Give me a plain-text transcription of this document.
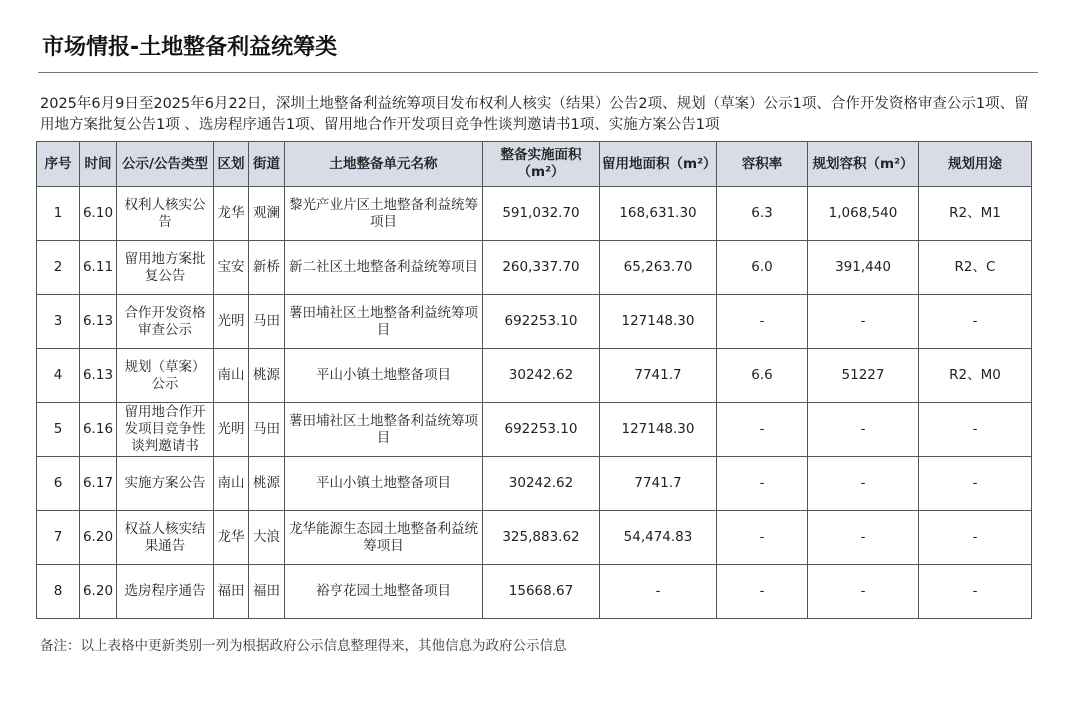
市场情报-土地整备利益统筹类
2025年6月9日至2025年6月22日，深圳土地整备利益统筹项目发布权利人核实（结果）公告2项、规划（草案）公示1项、合作开发资格审查公示1项、留用地方案批复公告1项 、选房程序通告1项、留用地合作开发项目竞争性谈判邀请书1项、实施方案公告1项
序号	时间	公示/公告类型	区划	街道	土地整备单元名称	整备实施面积（m²）	留用地面积（m²）	容积率	规划容积（m²）	规划用途
1	6.10	权利人核实公告	龙华	观澜	黎光产业片区土地整备利益统筹项目	591,032.70	168,631.30	6.3	1,068,540	R2、M1
2	6.11	留用地方案批复公告	宝安	新桥	新二社区土地整备利益统筹项目	260,337.70	65,263.70	6.0	391,440	R2、C
3	6.13	合作开发资格审查公示	光明	马田	薯田埔社区土地整备利益统筹项目	692253.10	127148.30	-	-	-
4	6.13	规划（草案）公示	南山	桃源	平山小镇土地整备项目	30242.62	7741.7	6.6	51227	R2、M0
5	6.16	留用地合作开发项目竞争性谈判邀请书	光明	马田	薯田埔社区土地整备利益统筹项目	692253.10	127148.30	-	-	-
6	6.17	实施方案公告	南山	桃源	平山小镇土地整备项目	30242.62	7741.7	-	-	-
7	6.20	权益人核实结果通告	龙华	大浪	龙华能源生态园土地整备利益统筹项目	325,883.62	54,474.83	-	-	-
8	6.20	选房程序通告	福田	福田	裕亨花园土地整备项目	15668.67	-	-	-	-
备注：以上表格中更新类别一列为根据政府公示信息整理得来，其他信息为政府公示信息
